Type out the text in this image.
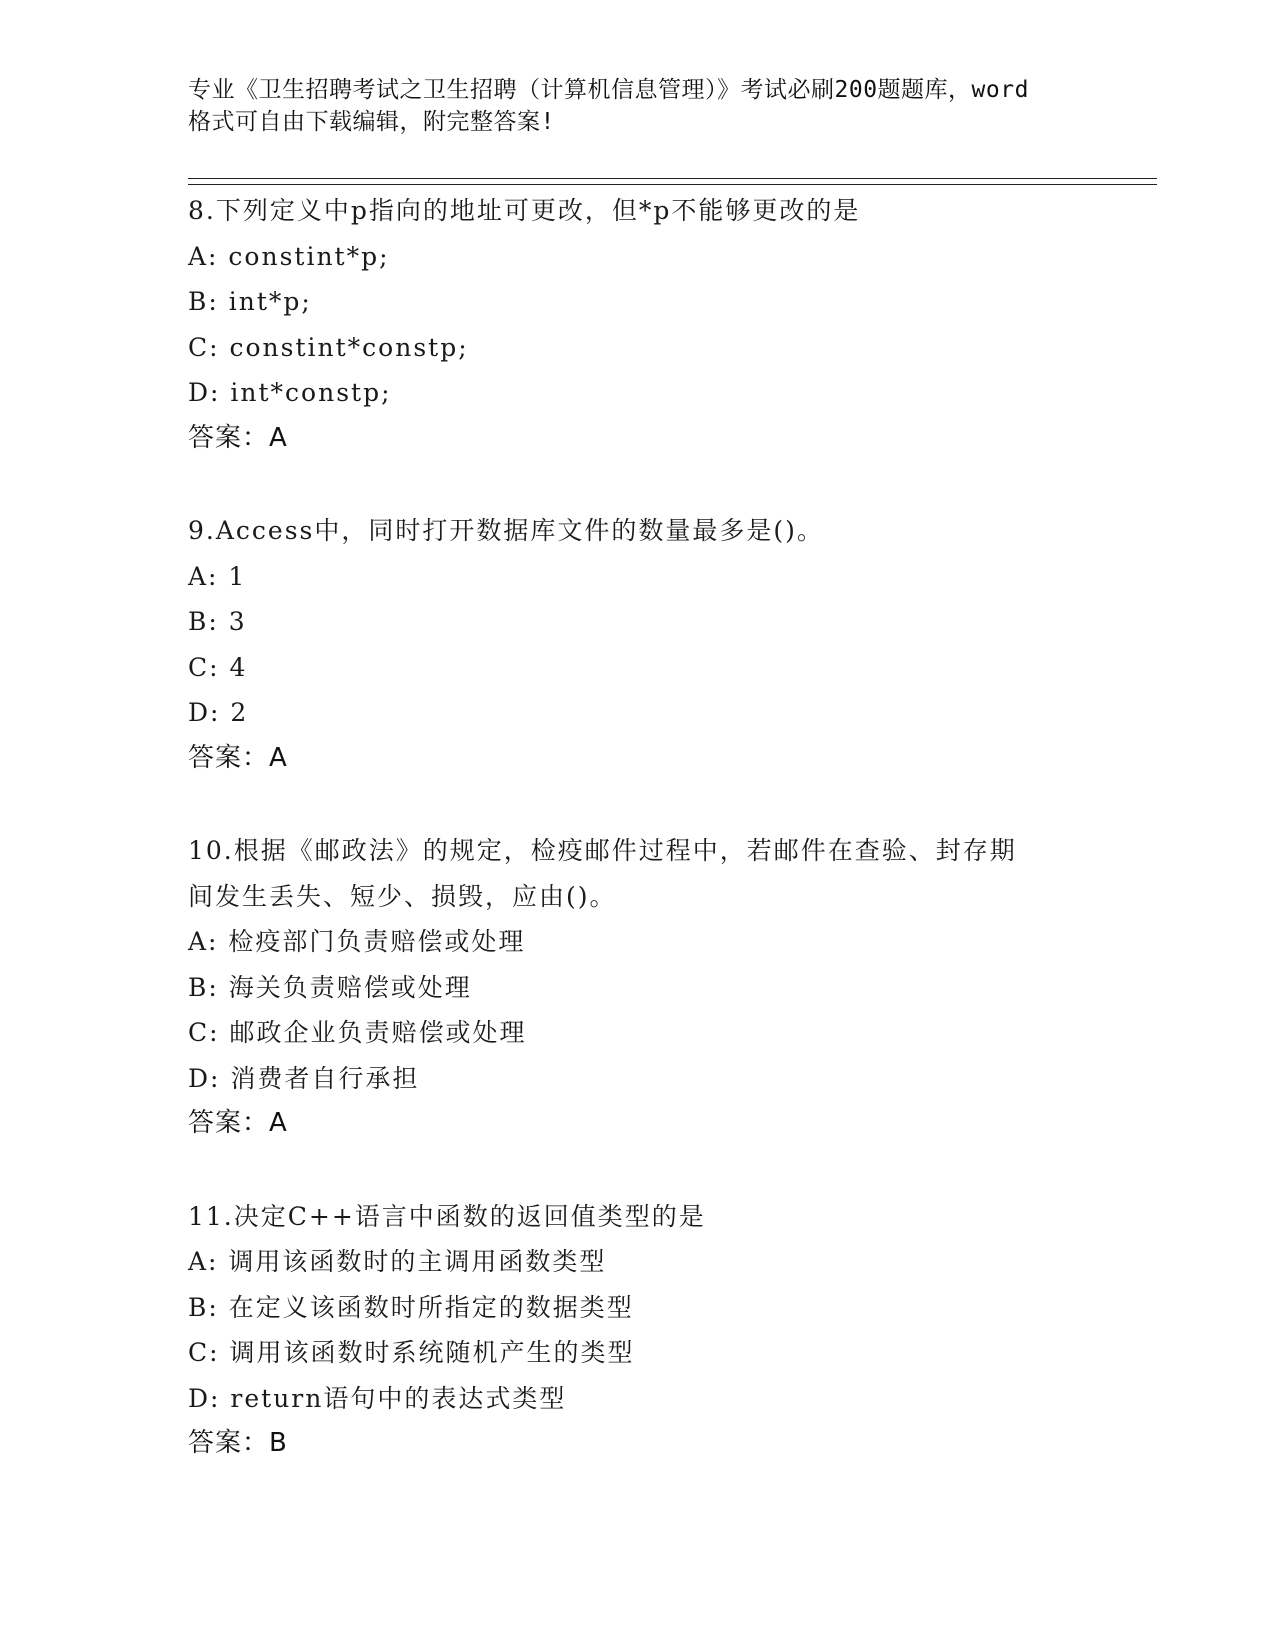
专业《卫生招聘考试之卫生招聘（计算机信息管理）》考试必刷200题题库，word
格式可自由下载编辑，附完整答案!
8.下列定义中p指向的地址可更改，但*p不能够更改的是
A: constint*p;
B: int*p;
C: constint*constp;
D: int*constp;
答案：A
9.Access中，同时打开数据库文件的数量最多是()。
A: 1
B: 3
C: 4
D: 2
答案：A
10.根据《邮政法》的规定，检疫邮件过程中，若邮件在查验、封存期
间发生丢失、短少、损毁，应由()。
A: 检疫部门负责赔偿或处理
B: 海关负责赔偿或处理
C: 邮政企业负责赔偿或处理
D: 消费者自行承担
答案：A
11.决定C++语言中函数的返回值类型的是
A: 调用该函数时的主调用函数类型
B: 在定义该函数时所指定的数据类型
C: 调用该函数时系统随机产生的类型
D: return语句中的表达式类型
答案：B
